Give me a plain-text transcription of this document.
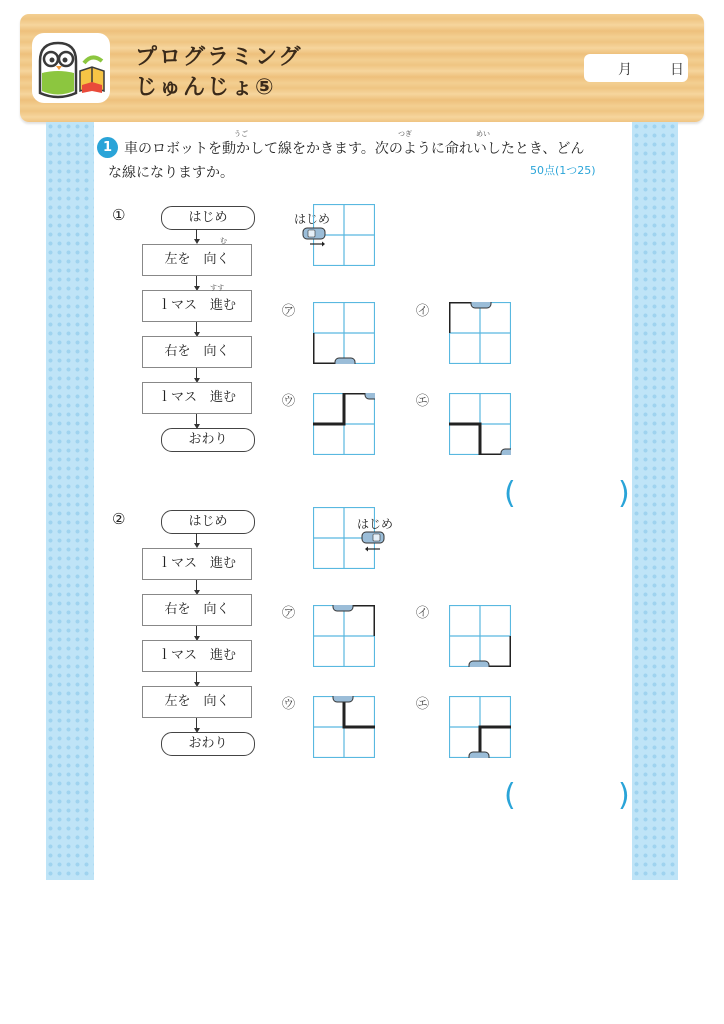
プログラミング
じゅんじょ⑤
月	日
1 車のロボットを動かして線をかきます。次のように命れいしたとき、どん
な線になりますか。
うご	つぎ	めい
50点(1つ25)
①	はじめ
左を　向く
む
ｌマス　進む
すす
右を　向く
ｌマス　進む
おわり
はじめ
㋐	㋑
㋒	㋓
(	)
②	はじめ
ｌマス　進む
右を　向く
ｌマス　進む
左を　向く
おわり
はじめ
㋐	㋑
㋒	㋓
(	)
